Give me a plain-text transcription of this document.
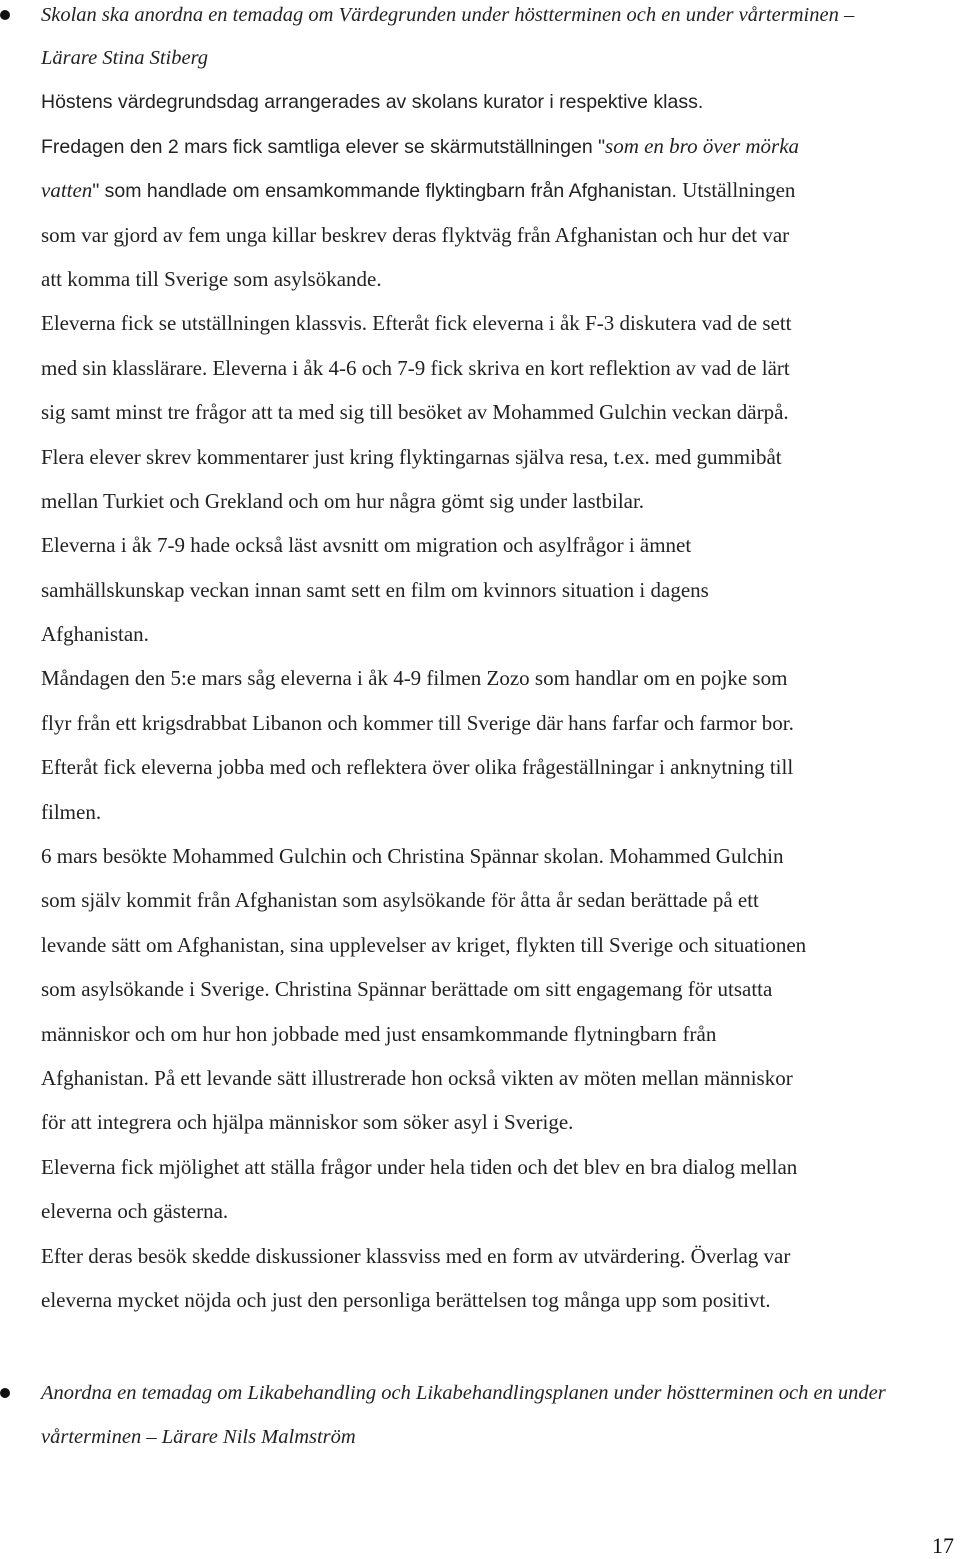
Skolan ska anordna en temadag om Värdegrunden under höstterminen och en under vårterminen –
Lärare Stina Stiberg
Höstens värdegrundsdag arrangerades av skolans kurator i respektive klass.
Fredagen den 2 mars fick samtliga elever se skärmutställningen "som en bro över mörka
vatten" som handlade om ensamkommande flyktingbarn från Afghanistan. Utställningen
som var gjord av fem unga killar beskrev deras flyktväg från Afghanistan och hur det var
att komma till Sverige som asylsökande.
Eleverna fick se utställningen klassvis. Efteråt fick eleverna i åk F-3 diskutera vad de sett
med sin klasslärare. Eleverna i åk 4-6 och 7-9 fick skriva en kort reflektion av vad de lärt
sig samt minst tre frågor att ta med sig till besöket av Mohammed Gulchin veckan därpå.
Flera elever skrev kommentarer just kring flyktingarnas själva resa, t.ex. med gummibåt
mellan Turkiet och Grekland och om hur några gömt sig under lastbilar.
Eleverna i åk 7-9 hade också läst avsnitt om migration och asylfrågor i ämnet
samhällskunskap veckan innan samt sett en film om kvinnors situation i dagens
Afghanistan.
Måndagen den 5:e mars såg eleverna i åk 4-9 filmen Zozo som handlar om en pojke som
flyr från ett krigsdrabbat Libanon och kommer till Sverige där hans farfar och farmor bor.
Efteråt fick eleverna jobba med och reflektera över olika frågeställningar i anknytning till
filmen.
6 mars besökte Mohammed Gulchin och Christina Spännar skolan. Mohammed Gulchin
som själv kommit från Afghanistan som asylsökande för åtta år sedan berättade på ett
levande sätt om Afghanistan, sina upplevelser av kriget, flykten till Sverige och situationen
som asylsökande i Sverige. Christina Spännar berättade om sitt engagemang för utsatta
människor och om hur hon jobbade med just ensamkommande flytningbarn från
Afghanistan. På ett levande sätt illustrerade hon också vikten av möten mellan människor
för att integrera och hjälpa människor som söker asyl i Sverige.
Eleverna fick mjölighet att ställa frågor under hela tiden och det blev en bra dialog mellan
eleverna och gästerna.
Efter deras besök skedde diskussioner klassviss med en form av utvärdering. Överlag var
eleverna mycket nöjda och just den personliga berättelsen tog många upp som positivt.
Anordna en temadag om Likabehandling och Likabehandlingsplanen under höstterminen och en under
vårterminen – Lärare Nils Malmström
17
